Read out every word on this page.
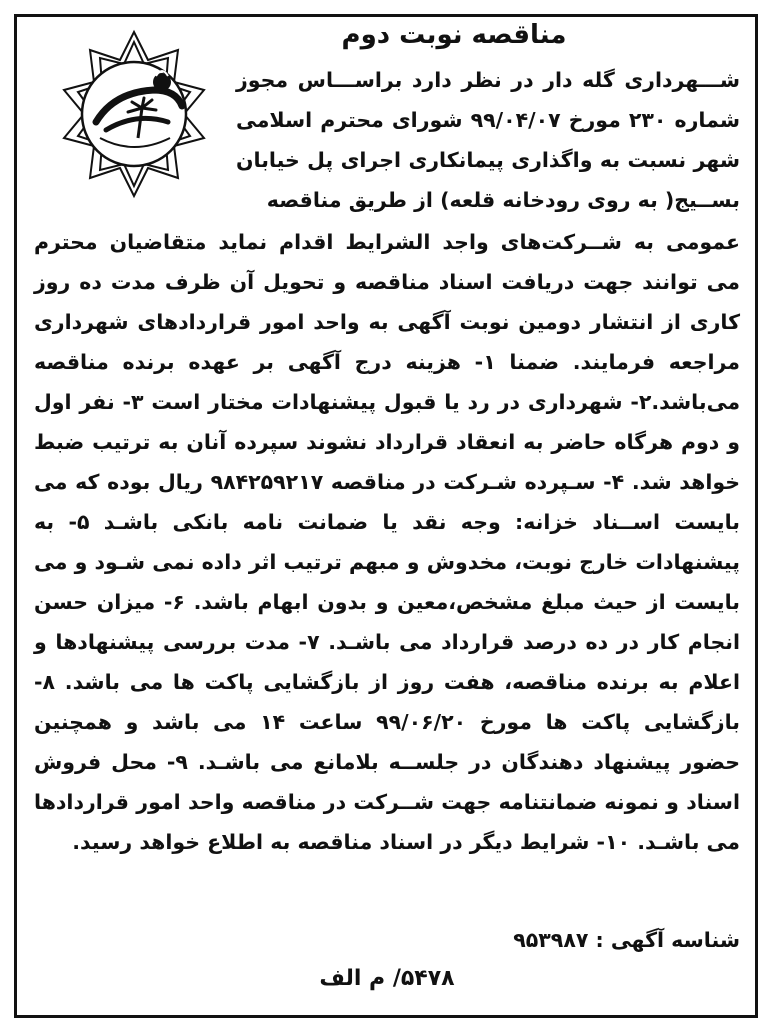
مناقصه نوبت دوم
شـــهرداری گله دار در نظر دارد براســـاس مجوز شماره ۲۳۰ مورخ ۹۹/۰۴/۰۷ شورای محترم اسلامی شهر نسبت به واگذاری پیمانکاری اجرای پل خیابان بســیج( به روی رودخانه قلعه) از طریق مناقصه
عمومی به شــرکت‌های واجد الشرایط اقدام نماید متقاضیان محترم می توانند جهت دریافت اسناد مناقصه و تحویل آن ظرف مدت ده روز کاری از انتشار دومین نوبت آگهی به واحد امور قراردادهای شهرداری مراجعه فرمایند. ضمنا ۱- هزینه درج آگهی بر عهده برنده مناقصه می‌باشد.۲- شهرداری در رد یا قبول پیشنهادات مختار است ۳- نفر اول و دوم هرگاه حاضر به انعقاد قرارداد نشوند سپرده آنان به ترتیب ضبط خواهد شد. ۴- سـپرده شـرکت در مناقصه ۹۸۴۲۵۹۲۱۷ ریال بوده که می بایست اســناد خزانه: وجه نقد یا ضمانت نامه بانکی باشـد ۵- به پیشنهادات خارج نوبت، مخدوش و مبهم ترتیب اثر داده نمی شـود و می بایست از حیث مبلغ مشخص،معین و بدون ابهام باشد. ۶- میزان حسن انجام کار در ده درصد قرارداد می باشـد. ۷- مدت بررسی پیشنهادها و اعلام به برنده مناقصه، هفت روز از بازگشایی پاکت ها می باشد. ۸- بازگشایی پاکت ها مورخ ۹۹/۰۶/۲۰ ساعت ۱۴ می باشد و همچنین حضور پیشنهاد دهندگان در جلســه بلامانع می باشـد. ۹- محل فروش اسناد و نمونه ضمانتنامه جهت شــرکت در مناقصه واحد امور قراردادها می باشـد. ۱۰- شرایط دیگر در اسناد مناقصه به اطلاع خواهد رسید.
شناسه آگهی : ۹۵۳۹۸۷
۵۴۷۸/ م الف
